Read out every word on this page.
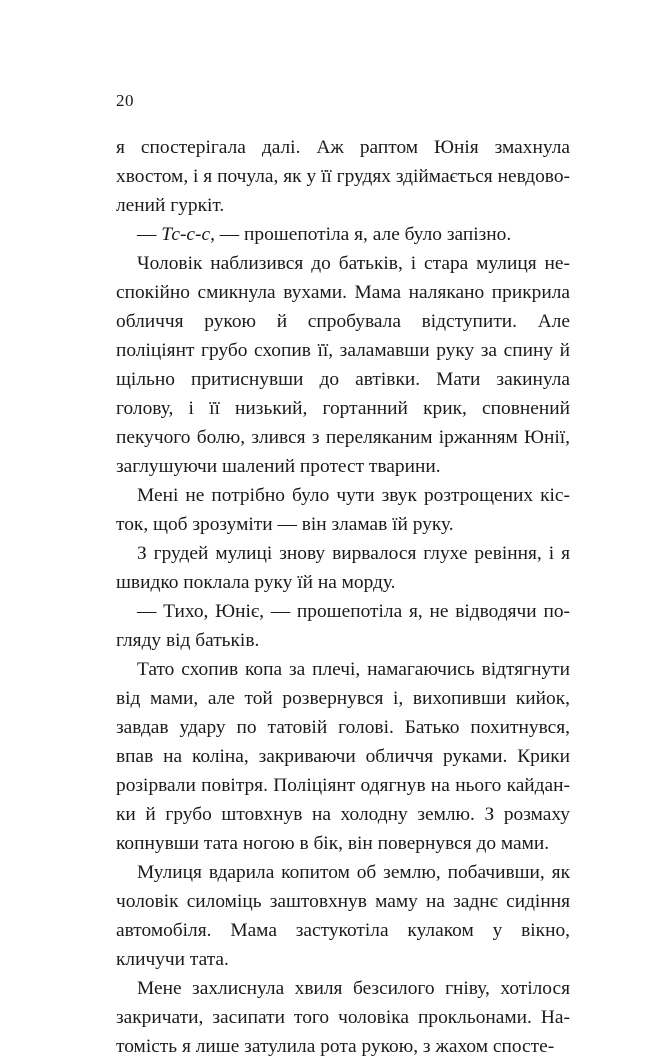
20

я спостерігала далі. Аж раптом Юнія змахнула хвостом, і я почула, як у її грудях здіймається невдоволений гуркіт.

— Тс-с-с, — прошепотіла я, але було запізно.

Чоловік наблизився до батьків, і стара мулиця неспокійно смикнула вухами. Мама налякано прикрила обличчя рукою й спробувала відступити. Але поліціянт грубо схопив її, заламавши руку за спину й щільно притиснувши до автівки. Мати закинула голову, і її низький, гортанний крик, сповнений пекучого болю, злився з переляканим іржанням Юнії, заглушуючи шалений протест тварини.

Мені не потрібно було чути звук розтрощених кісток, щоб зрозуміти — він зламав їй руку.

З грудей мулиці знову вирвалося глухе ревіння, і я швидко поклала руку їй на морду.

— Тихо, Юніє, — прошепотіла я, не відводячи погляду від батьків.

Тато схопив копа за плечі, намагаючись відтягнути від мами, але той розвернувся і, вихопивши кийок, завдав удару по татовій голові. Батько похитнувся, впав на коліна, закриваючи обличчя руками. Крики розірвали повітря. Поліціянт одягнув на нього кайданки й грубо штовхнув на холодну землю. З розмаху копнувши тата ногою в бік, він повернувся до мами.

Мулиця вдарила копитом об землю, побачивши, як чоловік силоміць заштовхнув маму на заднє сидіння автомобіля. Мама застукотіла кулаком у вікно, кличучи тата.

Мене захлиснула хвиля безсилого гніву, хотілося закричати, засипати того чоловіка прокльонами. Натомість я лише затулила рота рукою, з жахом спосте-
